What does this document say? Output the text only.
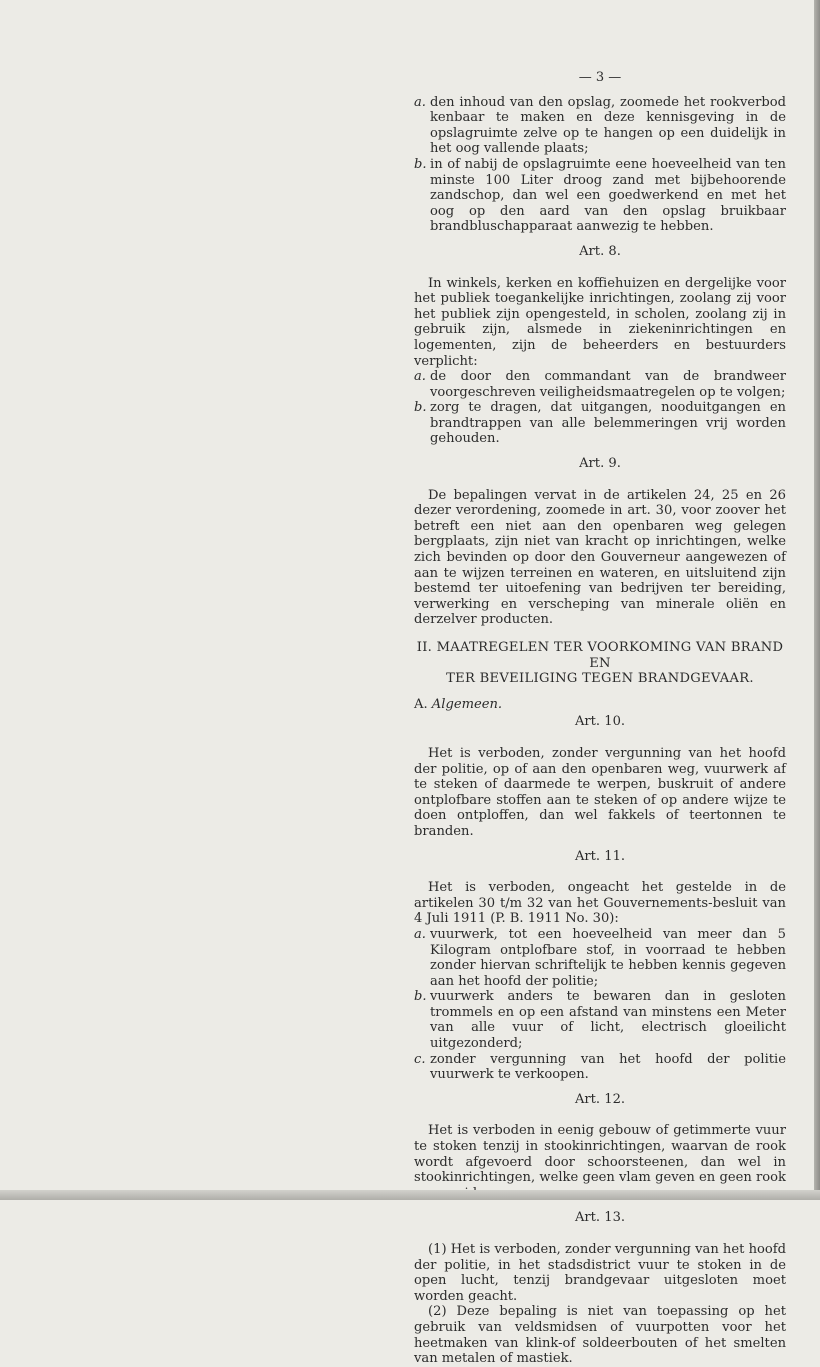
— 3 —
a. den inhoud van den opslag, zoomede het rookverbod kenbaar te maken en deze kennisgeving in de opslagruimte zelve op te hangen op een duidelijk in het oog vallende plaats;
b. in of nabij de opslagruimte eene hoeveelheid van ten minste 100 Liter droog zand met bijbehoorende zandschop, dan wel een goedwerkend en met het oog op den aard van den opslag bruikbaar brandbluschapparaat aanwezig te hebben.
Art. 8.

In winkels, kerken en koffiehuizen en dergelijke voor het publiek toegankelijke inrichtingen, zoolang zij voor het publiek zijn opengesteld, in scholen, zoolang zij in gebruik zijn, alsmede in ziekeninrichtingen en logementen, zijn de beheerders en bestuurders verplicht:

a. de door den commandant van de brandweer voorgeschreven veiligheidsmaatregelen op te volgen;
b. zorg te dragen, dat uitgangen, nooduitgangen en brandtrappen van alle belemmeringen vrij worden gehouden.
Art. 9.

De bepalingen vervat in de artikelen 24, 25 en 26 dezer verordening, zoomede in art. 30, voor zoover het betreft een niet aan den openbaren weg gelegen bergplaats, zijn niet van kracht op inrichtingen, welke zich bevinden op door den Gouverneur aangewezen of aan te wijzen terreinen en wateren, en uitsluitend zijn bestemd ter uitoefening van bedrijven ter bereiding, verwerking en verscheping van minerale oliën en derzelver producten.

II. MAATREGELEN TER VOORKOMING VAN BRAND EN
TER BEVEILIGING TEGEN BRANDGEVAAR.
A. Algemeen.
Art. 10.

Het is verboden, zonder vergunning van het hoofd der politie, op of aan den openbaren weg, vuurwerk af te steken of daarmede te werpen, buskruit of andere ontplofbare stoffen aan te steken of op andere wijze te doen ontploffen, dan wel fakkels of teertonnen te branden.

Art. 11.

Het is verboden, ongeacht het gestelde in de artikelen 30 t/m 32 van het Gouvernements-besluit van 4 Juli 1911 (P. B. 1911 No. 30):

a. vuurwerk, tot een hoeveelheid van meer dan 5 Kilogram ontplofbare stof, in voorraad te hebben zonder hiervan schriftelijk te hebben kennis gegeven aan het hoofd der politie;
b. vuurwerk anders te bewaren dan in gesloten trommels en op een afstand van minstens een Meter van alle vuur of licht, electrisch gloeilicht uitgezonderd;
c. zonder vergunning van het hoofd der politie vuurwerk te verkoopen.
Art. 12.

Het is verboden in eenig gebouw of getimmerte vuur te stoken tenzij in stookinrichtingen, waarvan de rook wordt afgevoerd door schoorsteenen, dan wel in stookinrichtingen, welke geen vlam geven en geen rook

Art. 13.

(1) Het is verboden, zonder vergunning van het hoofd der politie, in het stadsdistrict vuur te stoken in de open lucht, tenzij brandgevaar uitgesloten moet worden geacht.

(2) Deze bepaling is niet van toepassing op het gebruik van veldsmidsen of vuurpotten voor het heetmaken van klink-of soldeerbouten of het smelten van metalen of mastiek.
